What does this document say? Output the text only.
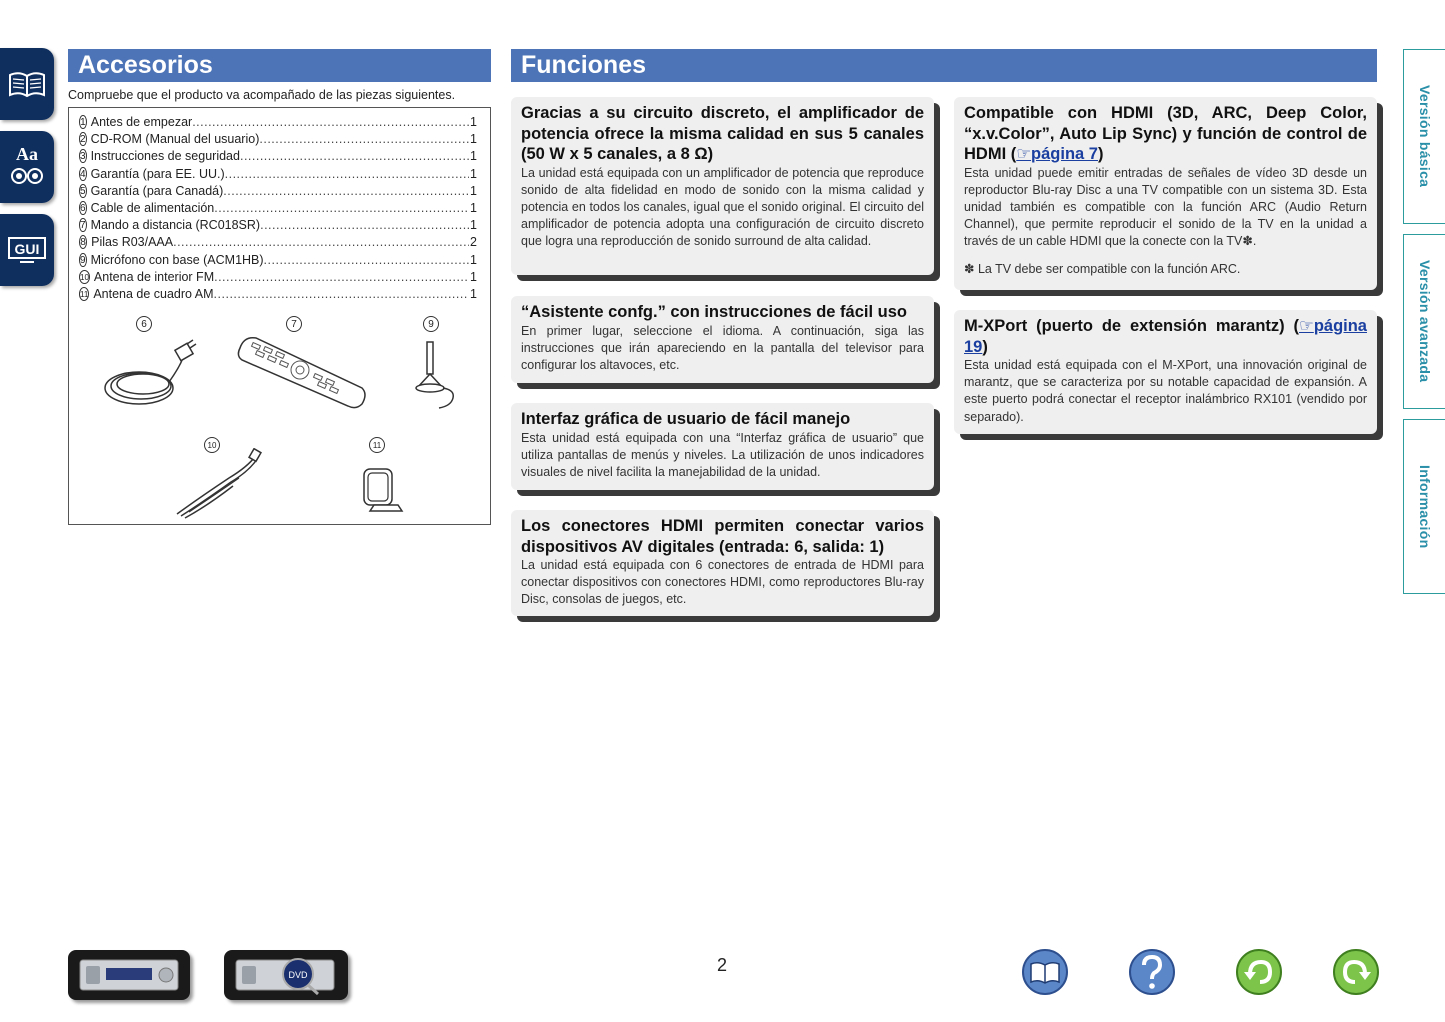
Aa
GUI
Versión básica
Versión avanzada
Información
Accesorios
Compruebe que el producto va acompañado de las piezas siguientes.
1 Antes de empezar .....	1
2 CD-ROM (Manual del usuario) .....	1
3 Instrucciones de seguridad .....	1
4 Garantía (para EE. UU.) .....	1
5 Garantía (para Canadá) .....	1
6 Cable de alimentación .....	1
7 Mando a distancia (RC018SR) .....	1
8 Pilas R03/AAA .....	2
9 Micrófono con base (ACM1HB) .....	1
10 Antena de interior FM .....	1
11 Antena de cuadro AM .....	1
6	7	9
10	11
Funciones
Gracias a su circuito discreto, el amplificador de potencia ofrece la misma calidad en sus 5 canales (50 W x 5 canales, a 8 Ω)

La unidad está equipada con un amplificador de potencia que reproduce sonido de alta fidelidad en modo de sonido con la misma calidad y potencia en todos los canales, igual que el sonido original. El circuito del amplificador de potencia adopta una configuración de circuito discreto que logra una reproducción de sonido surround de alta calidad.

“Asistente confg.” con instrucciones de fácil uso

En primer lugar, seleccione el idioma. A continuación, siga las instrucciones que irán apareciendo en la pantalla del televisor para configurar los altavoces, etc.

Interfaz gráfica de usuario de fácil manejo

Esta unidad está equipada con una “Interfaz gráfica de usuario” que utiliza pantallas de menús y niveles. La utilización de unos indicadores visuales de nivel facilita la manejabilidad de la unidad.

Los conectores HDMI permiten conectar varios dispositivos AV digitales (entrada: 6, salida: 1)

La unidad está equipada con 6 conectores de entrada de HDMI para conectar dispositivos con conectores HDMI, como reproductores Blu-ray Disc, consolas de juegos, etc.

Compatible con HDMI (3D, ARC, Deep Color, “x.v.Color”, Auto Lip Sync) y función de control de HDMI (☞página 7)

Esta unidad puede emitir entradas de señales de vídeo 3D desde un reproductor Blu-ray Disc a una TV compatible con un sistema 3D. Esta unidad también es compatible con la función ARC (Audio Return Channel), que permite reproducir el sonido de la TV en la unidad a través de un cable HDMI que la conecte con la TV✽.

✽ La TV debe ser compatible con la función ARC.
M-XPort (puerto de extensión marantz) (☞página 19)

Esta unidad está equipada con el M-XPort, una innovación original de marantz, que se caracteriza por su notable capacidad de expansión. A este puerto podrá conectar el receptor inalámbrico RX101 (vendido por separado).

DVD	2
